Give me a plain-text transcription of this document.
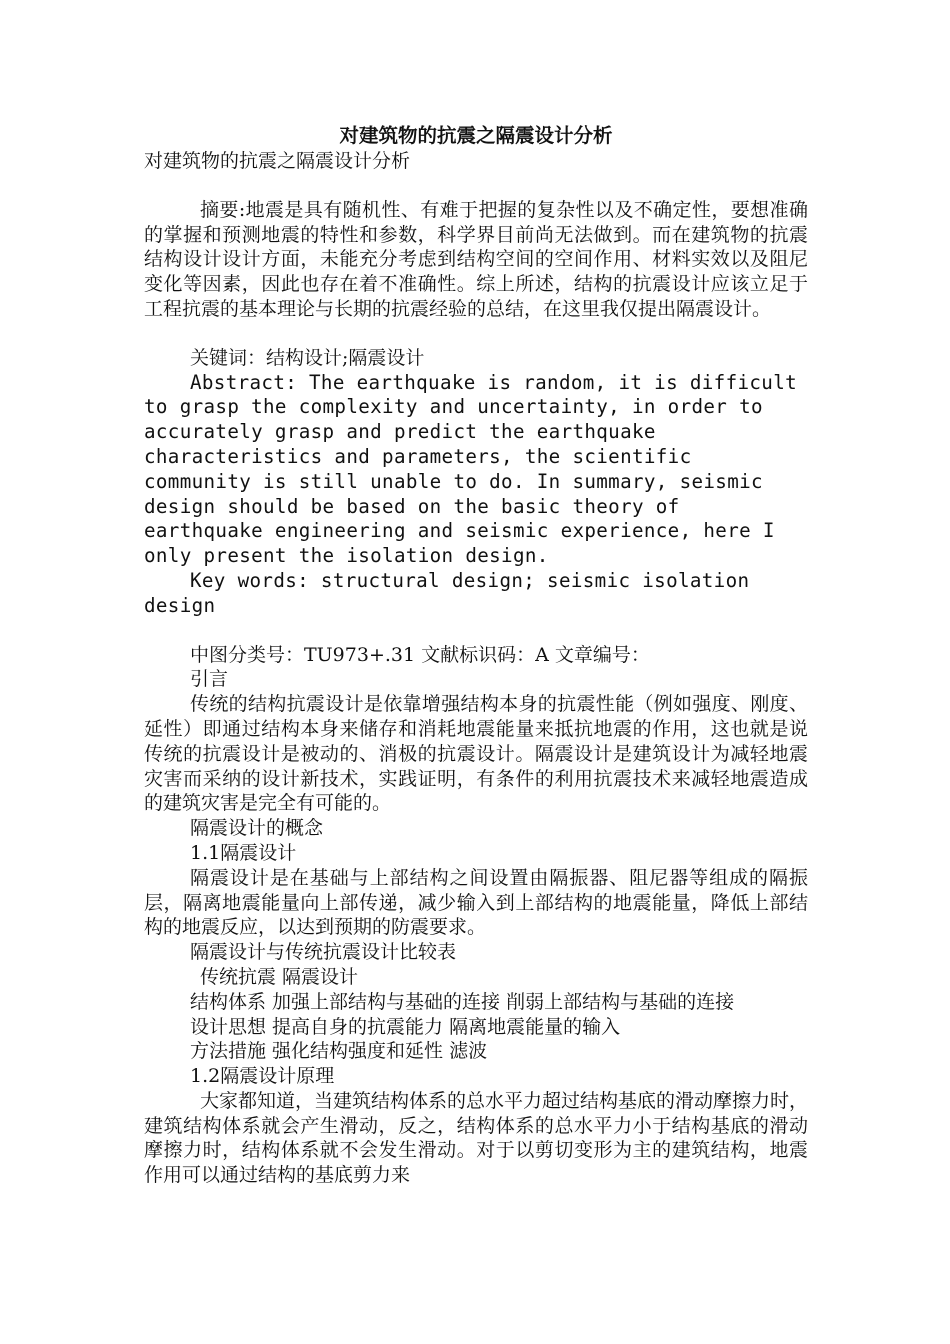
对建筑物的抗震之隔震设计分析

对建筑物的抗震之隔震设计分析

摘要:地震是具有随机性、有难于把握的复杂性以及不确定性，要想准确的掌握和预测地震的特性和参数，科学界目前尚无法做到。而在建筑物的抗震结构设计设计方面，未能充分考虑到结构空间的空间作用、材料实效以及阻尼变化等因素，因此也存在着不准确性。综上所述，结构的抗震设计应该立足于工程抗震的基本理论与长期的抗震经验的总结，在这里我仅提出隔震设计。

关键词：结构设计;隔震设计

Abstract: The earthquake is random, it is difficult to grasp the complexity and uncertainty, in order to accurately grasp and predict the earthquake characteristics and parameters, the scientific community is still unable to do. In summary, seismic design should be based on the basic theory of earthquake engineering and seismic experience, here I only present the isolation design.

Key words: structural design; seismic isolation design

中图分类号：TU973+.31 文献标识码：A 文章编号：

引言

传统的结构抗震设计是依靠增强结构本身的抗震性能（例如强度、刚度、延性）即通过结构本身来储存和消耗地震能量来抵抗地震的作用，这也就是说传统的抗震设计是被动的、消极的抗震设计。隔震设计是建筑设计为减轻地震灾害而采纳的设计新技术，实践证明，有条件的利用抗震技术来减轻地震造成的建筑灾害是完全有可能的。

隔震设计的概念

1.1隔震设计

隔震设计是在基础与上部结构之间设置由隔振器、阻尼器等组成的隔振层，隔离地震能量向上部传递，减少输入到上部结构的地震能量，降低上部结构的地震反应，以达到预期的防震要求。

隔震设计与传统抗震设计比较表

传统抗震 隔震设计

结构体系 加强上部结构与基础的连接 削弱上部结构与基础的连接

设计思想 提高自身的抗震能力 隔离地震能量的输入

方法措施 强化结构强度和延性 滤波

1.2隔震设计原理

大家都知道，当建筑结构体系的总水平力超过结构基底的滑动摩擦力时，建筑结构体系就会产生滑动，反之，结构体系的总水平力小于结构基底的滑动摩擦力时，结构体系就不会发生滑动。对于以剪切变形为主的建筑结构，地震作用可以通过结构的基底剪力来
